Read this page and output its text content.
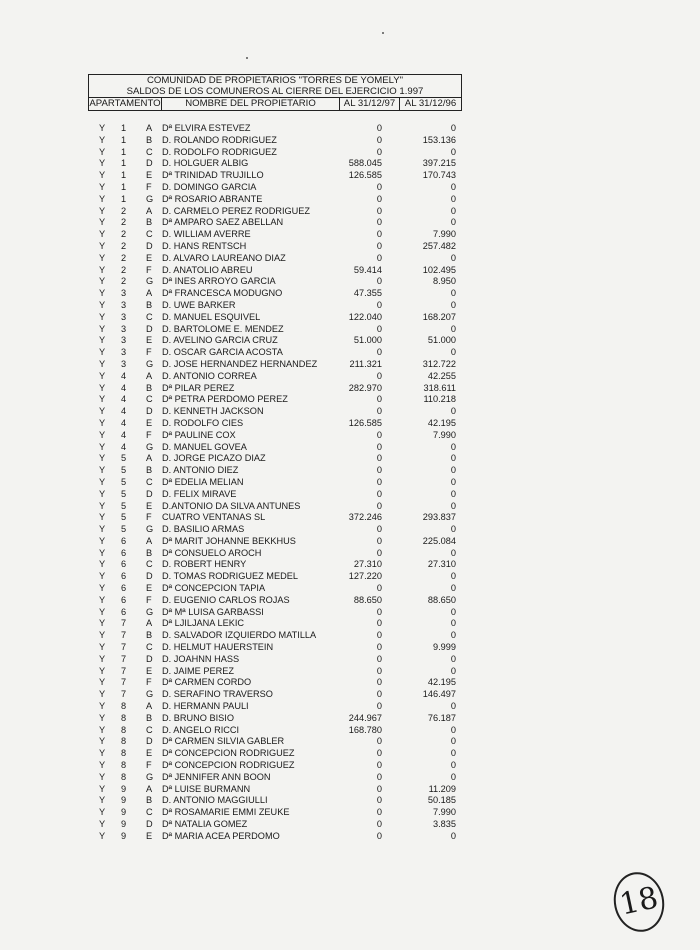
COMUNIDAD DE PROPIETARIOS "TORRES DE YOMELY"
SALDOS DE LOS COMUNEROS AL CIERRE DEL EJERCICIO 1.997
APARTAMENTO	NOMBRE DEL PROPIETARIO	AL 31/12/97	AL 31/12/96
Y 1 A Dª ELVIRA ESTEVEZ	0	0
Y 1 B D. ROLANDO RODRIGUEZ	0	153.136
Y 1 C D. RODOLFO RODRIGUEZ	0	0
Y 1 D D. HOLGUER ALBIG	588.045	397.215
Y 1 E Dª TRINIDAD TRUJILLO	126.585	170.743
Y 1 F D. DOMINGO GARCIA	0	0
Y 1 G Dª ROSARIO ABRANTE	0	0
Y 2 A D. CARMELO PEREZ RODRIGUEZ	0	0
Y 2 B Dª AMPARO SAEZ ABELLAN	0	0
Y 2 C D. WILLIAM AVERRE	0	7.990
Y 2 D D. HANS RENTSCH	0	257.482
Y 2 E D. ALVARO LAUREANO DIAZ	0	0
Y 2 F D. ANATOLIO ABREU	59.414	102.495
Y 2 G Dª INES ARROYO GARCIA	0	8.950
Y 3 A Dª FRANCESCA MODUGNO	47.355	0
Y 3 B D. UWE BARKER	0	0
Y 3 C D. MANUEL ESQUIVEL	122.040	168.207
Y 3 D D. BARTOLOME E. MENDEZ	0	0
Y 3 E D. AVELINO GARCIA CRUZ	51.000	51.000
Y 3 F D. OSCAR GARCIA ACOSTA	0	0
Y 3 G D. JOSE HERNANDEZ HERNANDEZ	211.321	312.722
Y 4 A D. ANTONIO CORREA	0	42.255
Y 4 B Dª PILAR PEREZ	282.970	318.611
Y 4 C Dª PETRA PERDOMO PEREZ	0	110.218
Y 4 D D. KENNETH JACKSON	0	0
Y 4 E D. RODOLFO CIES	126.585	42.195
Y 4 F Dª PAULINE COX	0	7.990
Y 4 G D. MANUEL GOVEA	0	0
Y 5 A D. JORGE PICAZO DIAZ	0	0
Y 5 B D. ANTONIO DIEZ	0	0
Y 5 C Dª EDELIA MELIAN	0	0
Y 5 D D. FELIX MIRAVE	0	0
Y 5 E D.ANTONIO DA SILVA ANTUNES	0	0
Y 5 F CUATRO VENTANAS SL	372.246	293.837
Y 5 G D. BASILIO ARMAS	0	0
Y 6 A Dª MARIT JOHANNE BEKKHUS	0	225.084
Y 6 B Dª CONSUELO AROCH	0	0
Y 6 C D. ROBERT HENRY	27.310	27.310
Y 6 D D. TOMAS RODRIGUEZ MEDEL	127.220	0
Y 6 E Dª CONCEPCION TAPIA	0	0
Y 6 F D. EUGENIO CARLOS ROJAS	88.650	88.650
Y 6 G Dª Mª LUISA GARBASSI	0	0
Y 7 A Dª LJILJANA LEKIC	0	0
Y 7 B D. SALVADOR IZQUIERDO MATILLA	0	0
Y 7 C D. HELMUT HAUERSTEIN	0	9.999
Y 7 D D. JOAHNN HASS	0	0
Y 7 E D. JAIME PEREZ	0	0
Y 7 F Dª CARMEN CORDO	0	42.195
Y 7 G D. SERAFINO TRAVERSO	0	146.497
Y 8 A D. HERMANN PAULI	0	0
Y 8 B D. BRUNO BISIO	244.967	76.187
Y 8 C D. ANGELO RICCI	168.780	0
Y 8 D Dª CARMEN SILVIA GABLER	0	0
Y 8 E Dª CONCEPCION RODRIGUEZ	0	0
Y 8 F Dª CONCEPCION RODRIGUEZ	0	0
Y 8 G Dª JENNIFER ANN BOON	0	0
Y 9 A Dª LUISE BURMANN	0	11.209
Y 9 B D. ANTONIO MAGGIULLI	0	50.185
Y 9 C Dª ROSAMARIE EMMI ZEUKE	0	7.990
Y 9 D Dª NATALIA GOMEZ	0	3.835
Y 9 E Dª MARIA ACEA PERDOMO	0	0
18
